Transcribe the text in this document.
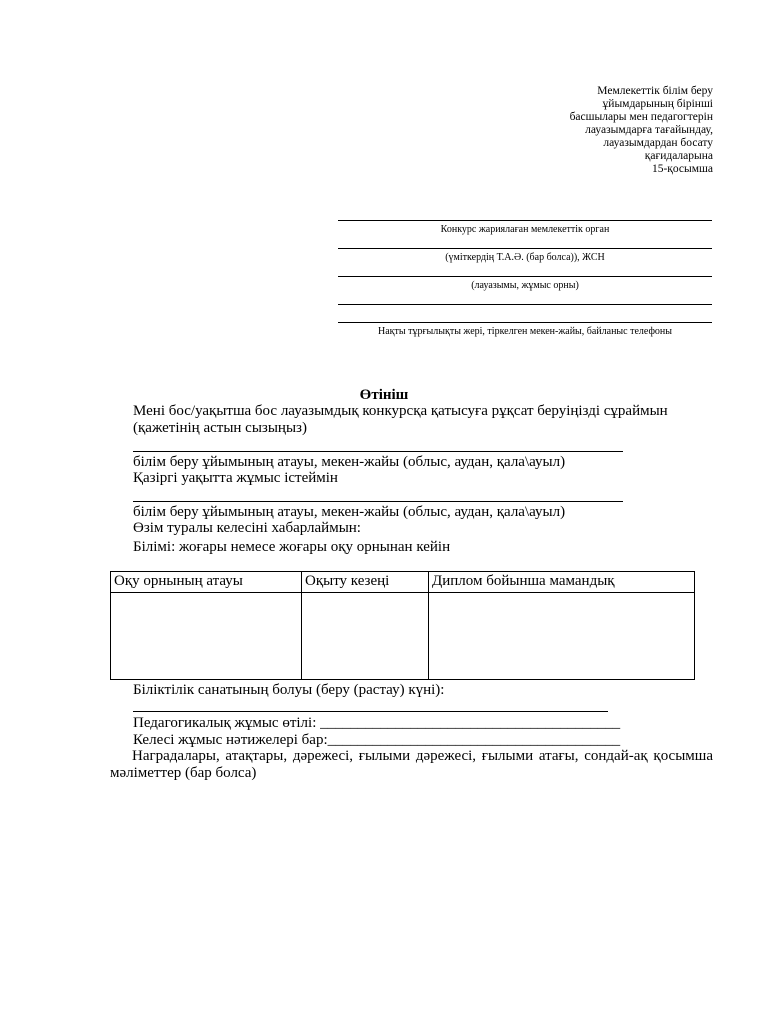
Мемлекеттік білім беру
ұйымдарының бірінші
басшылары мен педагогтерін
лауазымдарға тағайындау,
лауазымдардан босату
қағидаларына
15-қосымша
Конкурс жариялаған мемлекеттік орган
(үміткердің Т.А.Ә. (бар болса)), ЖСН
(лауазымы, жұмыс орны)
Нақты тұрғылықты жері, тіркелген мекен-жайы, байланыс телефоны
Өтініш
Мені бос/уақытша бос лауазымдық конкурсқа қатысуға рұқсат беруіңізді сұраймын
(қажетінің астын сызыңыз)
білім беру ұйымының атауы, мекен-жайы (облыс, аудан, қала\ауыл)
Қазіргі уақытта жұмыс істеймін
білім беру ұйымының атауы, мекен-жайы (облыс, аудан, қала\ауыл)
Өзім туралы келесіні хабарлаймын:
Білімі: жоғары немесе жоғары оқу орнынан кейін
Оқу орнының атауы	Оқыту кезеңі	Диплом бойынша мамандық

Біліктілік санатының болуы (беру (растау) күні):
Педагогикалық жұмыс өтілі: ________________________________________
Келесі жұмыс нәтижелері бар:_______________________________________
Наградалары, атақтары, дәрежесі, ғылыми дәрежесі, ғылыми атағы, сондай-ақ қосымша мәліметтер (бар болса)
